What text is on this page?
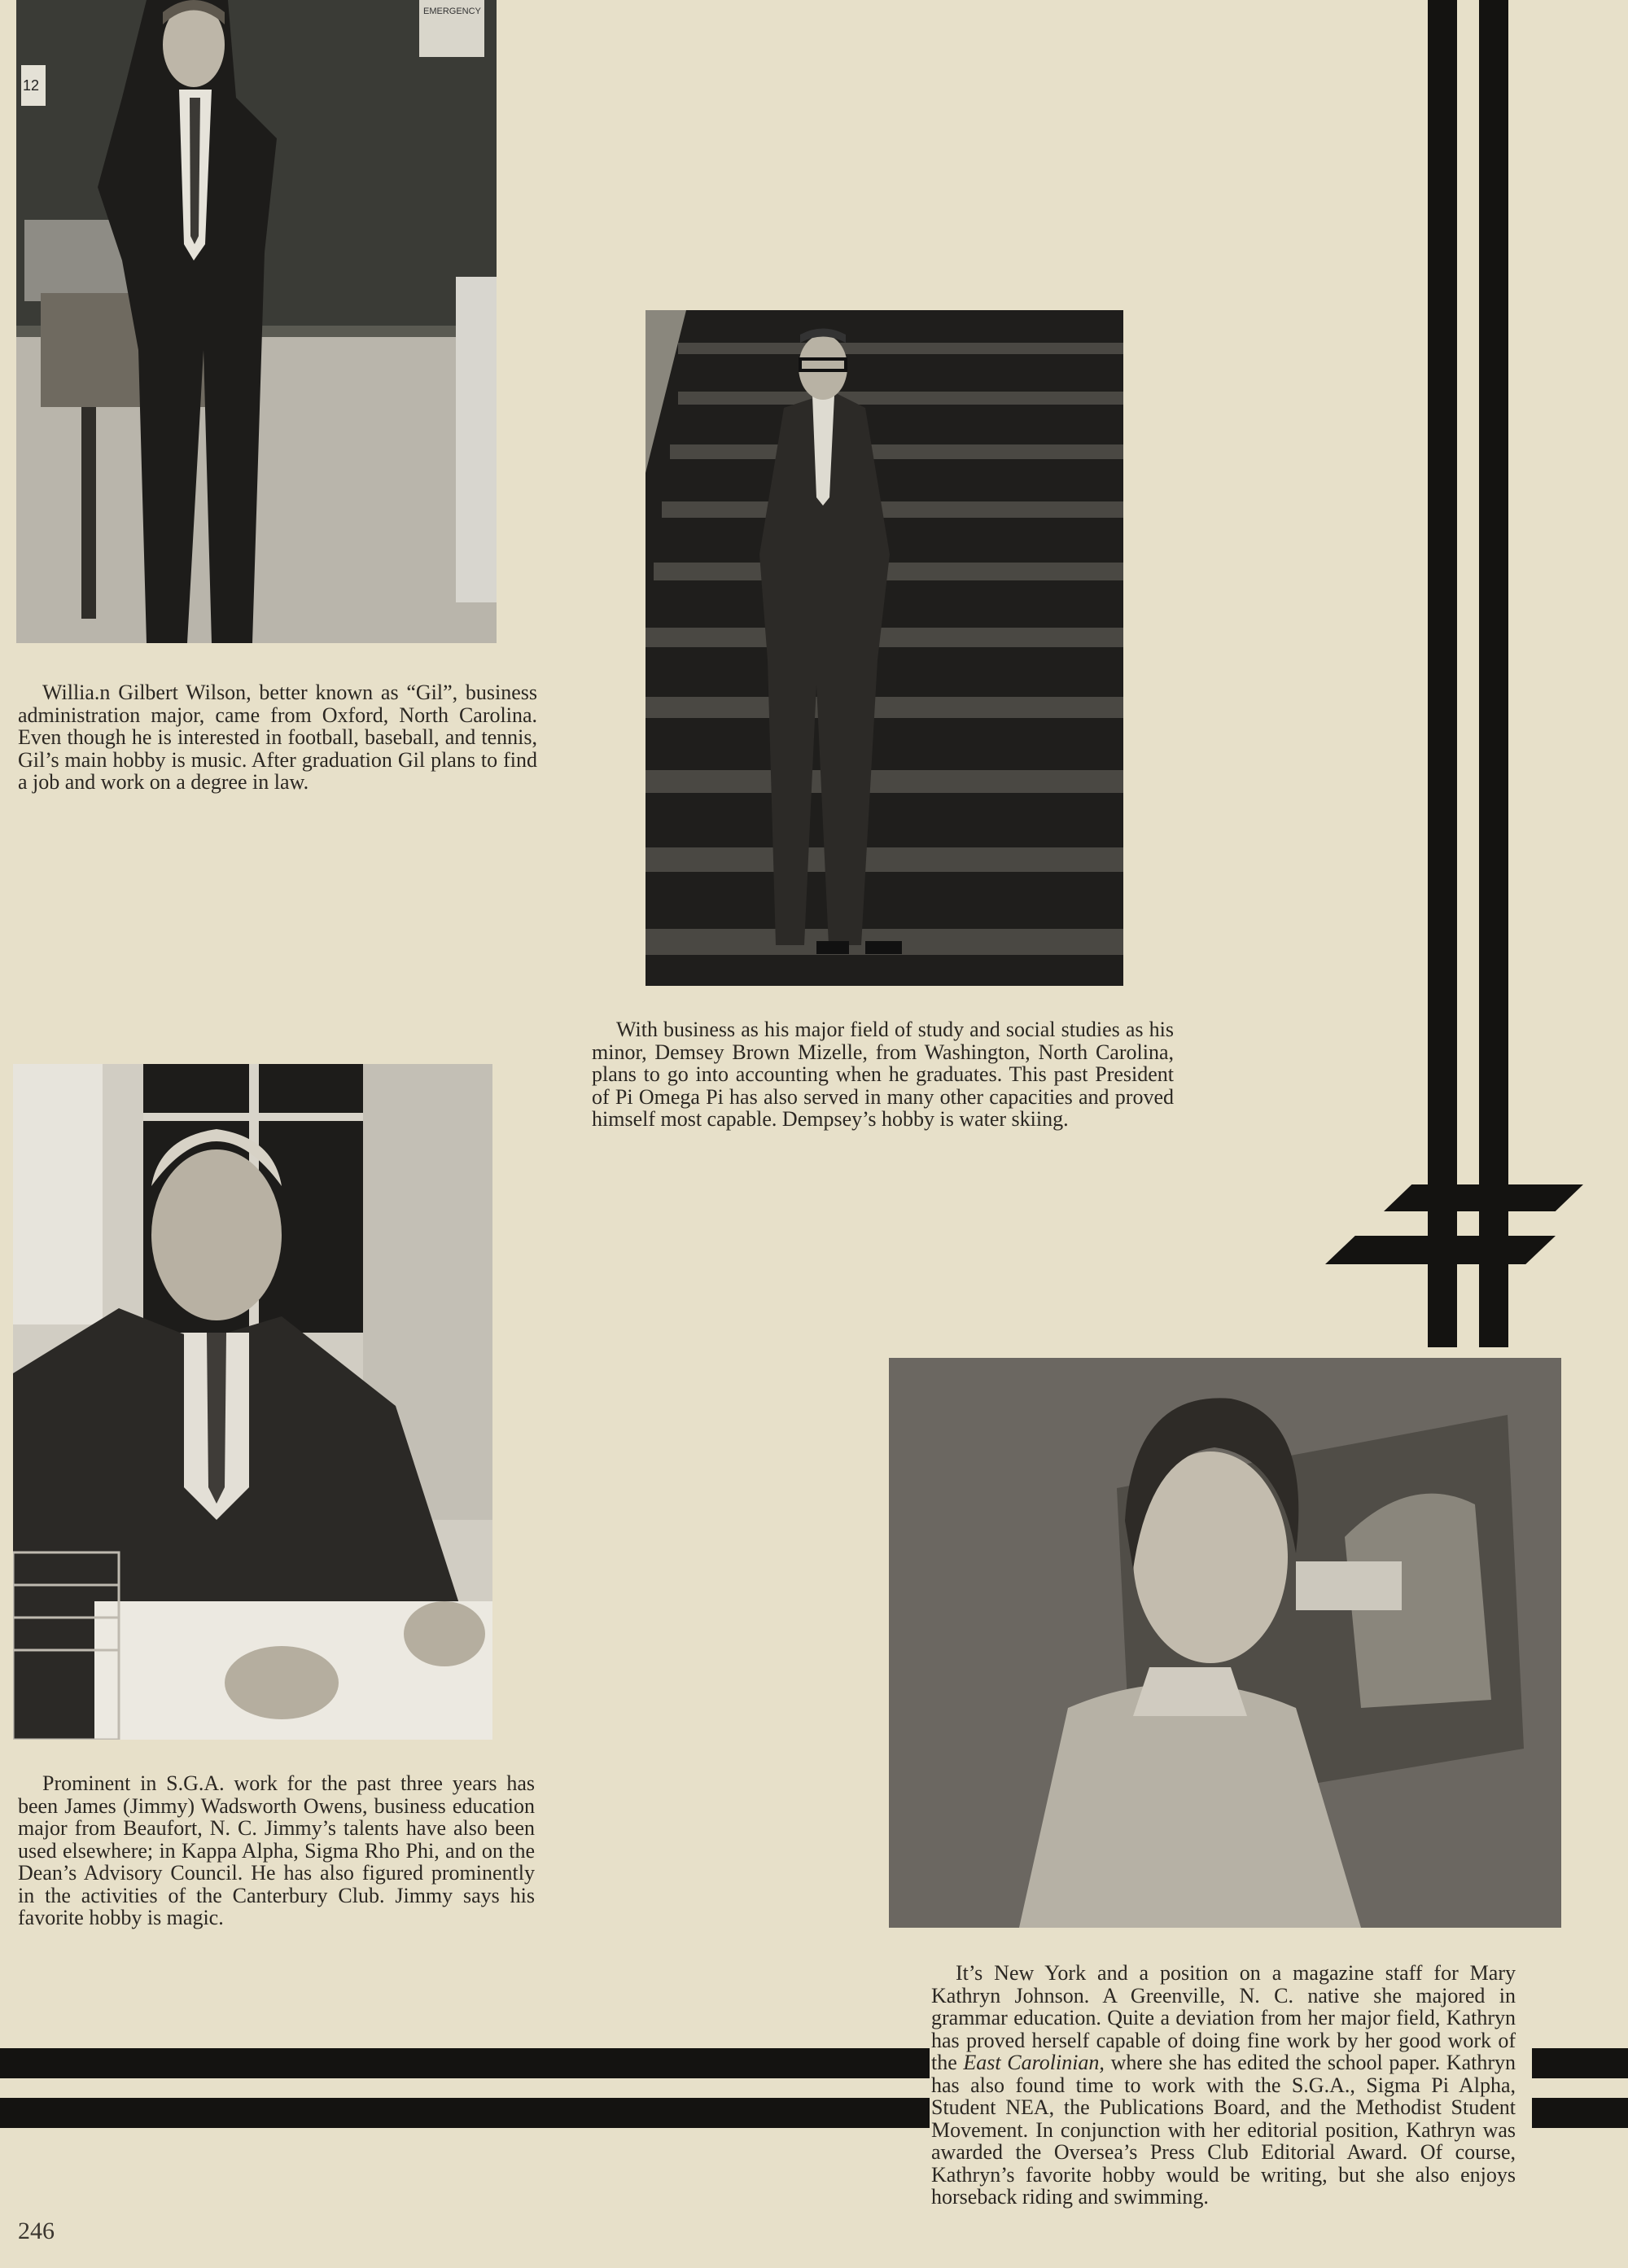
12
EMERGENCY

Willia.n Gilbert Wilson, better known as “Gil”, business administration major, came from Oxford, North Carolina. Even though he is interested in football, baseball, and tennis, Gil’s main hobby is music. After graduation Gil plans to find a job and work on a degree in law.

With business as his major field of study and social studies as his minor, Demsey Brown Mizelle, from Washington, North Carolina, plans to go into accounting when he graduates. This past President of Pi Omega Pi has also served in many other capacities and proved himself most capable. Dempsey’s hobby is water skiing.

Prominent in S.G.A. work for the past three years has been James (Jimmy) Wadsworth Owens, business education major from Beaufort, N. C. Jimmy’s talents have also been used elsewhere; in Kappa Alpha, Sigma Rho Phi, and on the Dean’s Advisory Council. He has also figured prominently in the activities of the Canterbury Club. Jimmy says his favorite hobby is magic.

It’s New York and a position on a magazine staff for Mary Kathryn Johnson. A Greenville, N. C. native she majored in grammar education. Quite a deviation from her major field, Kathryn has proved herself capable of doing fine work by her good work of the East Carolinian, where she has edited the school paper. Kathryn has also found time to work with the S.G.A., Sigma Pi Alpha, Student NEA, the Publications Board, and the Methodist Student Movement. In conjunction with her editorial position, Kathryn was awarded the Oversea’s Press Club Editorial Award. Of course, Kathryn’s favorite hobby would be writing, but she also enjoys horseback riding and swimming.

246
